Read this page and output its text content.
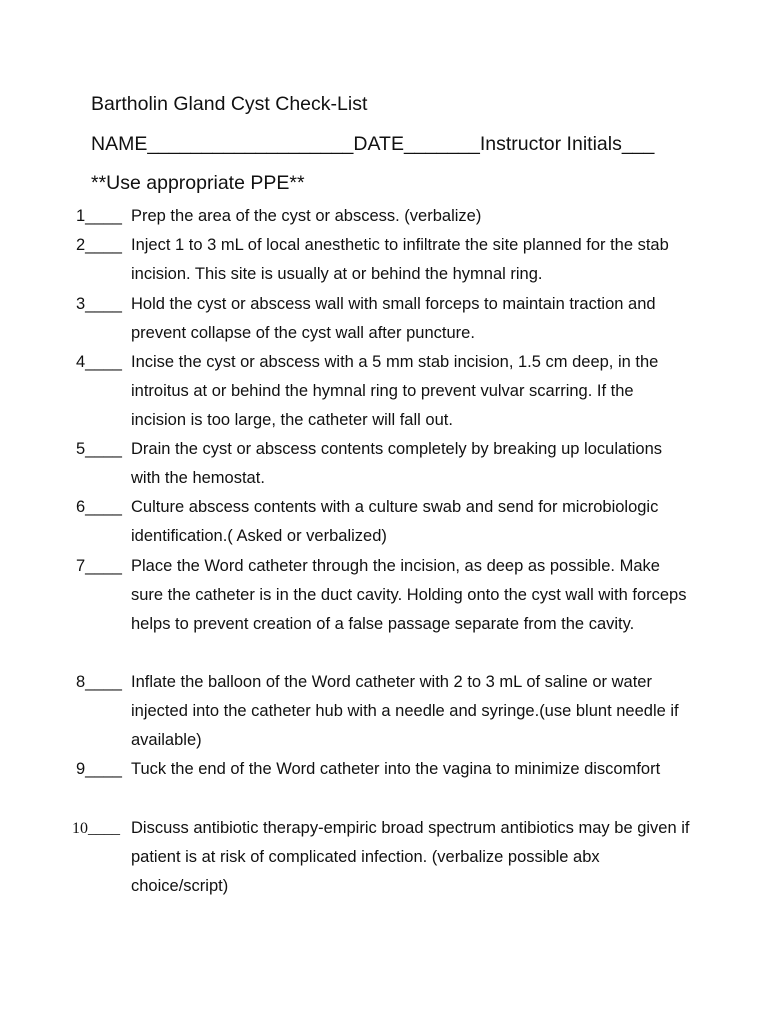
Bartholin Gland Cyst Check-List
NAME___________________DATE_______Instructor Initials___
**Use appropriate PPE**
1____ Prep the area of the cyst or abscess. (verbalize)
2____ Inject 1 to 3 mL of local anesthetic to infiltrate the site planned for the stab incision. This site is usually at or behind the hymnal ring.
3____ Hold the cyst or abscess wall with small forceps to maintain traction and prevent collapse of the cyst wall after puncture.
4____ Incise the cyst or abscess with a 5 mm stab incision, 1.5 cm deep, in the introitus at or behind the hymnal ring to prevent vulvar scarring. If the incision is too large, the catheter will fall out.
5____ Drain the cyst or abscess contents completely by breaking up loculations with the hemostat.
6____ Culture abscess contents with a culture swab and send for microbiologic identification.( Asked or verbalized)
7____ Place the Word catheter through the incision, as deep as possible. Make sure the catheter is in the duct cavity. Holding onto the cyst wall with forceps helps to prevent creation of a false passage separate from the cavity.
8____ Inflate the balloon of the Word catheter with 2 to 3 mL of saline or water injected into the catheter hub with a needle and syringe.(use blunt needle if available)
9____ Tuck the end of the Word catheter into the vagina to minimize discomfort
10____ Discuss antibiotic therapy-empiric broad spectrum antibiotics may be given if patient is at risk of complicated infection. (verbalize possible abx choice/script)
